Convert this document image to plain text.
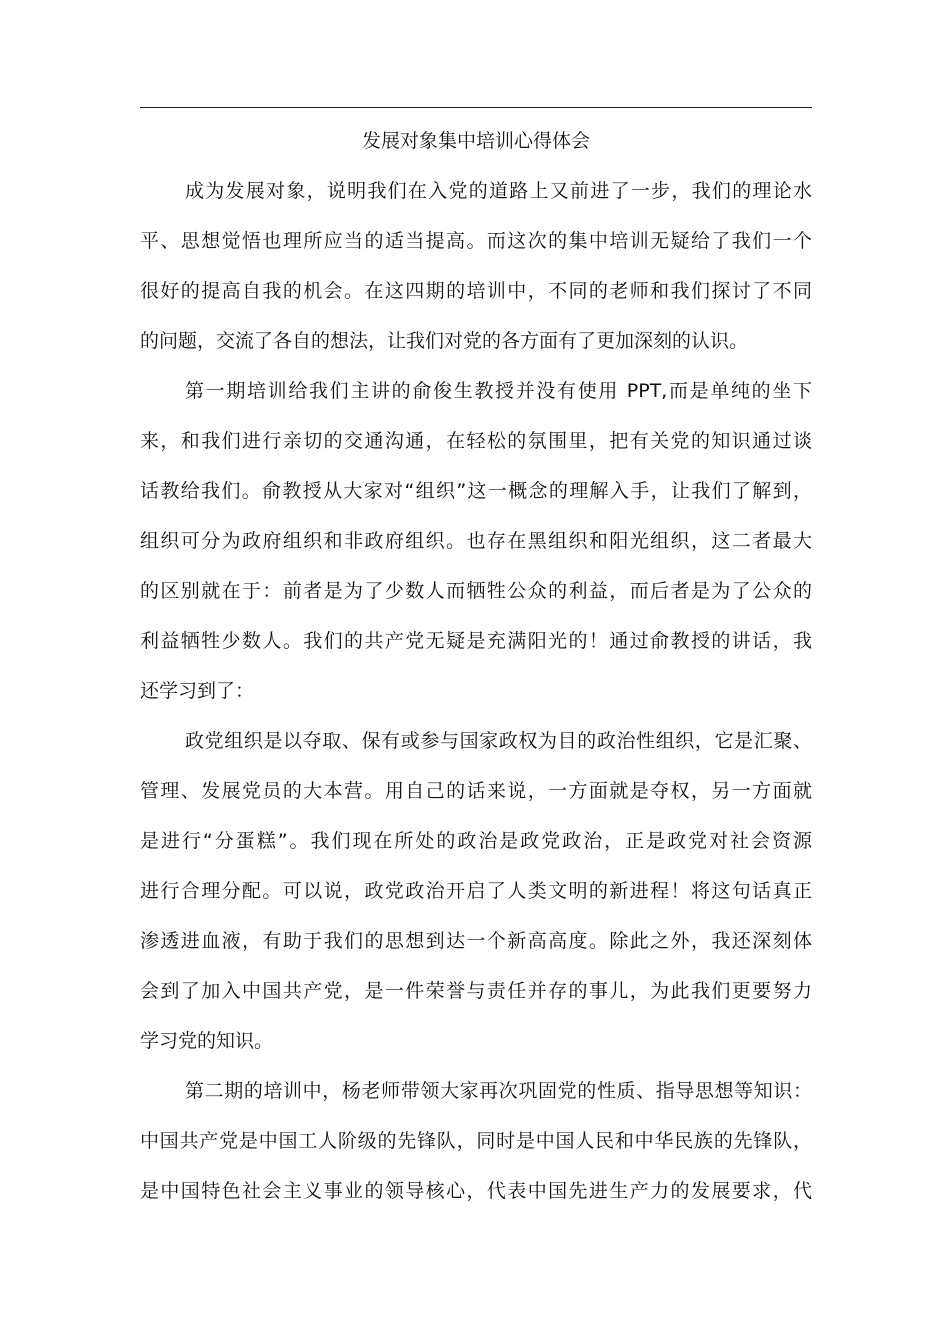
发展对象集中培训心得体会
成为发展对象，说明我们在入党的道路上又前进了一步，我们的理论水
平、思想觉悟也理所应当的适当提高。而这次的集中培训无疑给了我们一个
很好的提高自我的机会。在这四期的培训中，不同的老师和我们探讨了不同
的问题，交流了各自的想法，让我们对党的各方面有了更加深刻的认识。
第一期培训给我们主讲的俞俊生教授并没有使用 PPT,而是单纯的坐下
来，和我们进行亲切的交通沟通，在轻松的氛围里，把有关党的知识通过谈
话教给我们。俞教授从大家对“组织”这一概念的理解入手，让我们了解到，
组织可分为政府组织和非政府组织。也存在黑组织和阳光组织，这二者最大
的区别就在于：前者是为了少数人而牺牲公众的利益，而后者是为了公众的
利益牺牲少数人。我们的共产党无疑是充满阳光的！通过俞教授的讲话，我
还学习到了：
政党组织是以夺取、保有或参与国家政权为目的政治性组织，它是汇聚、
管理、发展党员的大本营。用自己的话来说，一方面就是夺权，另一方面就
是进行“分蛋糕”。我们现在所处的政治是政党政治，正是政党对社会资源
进行合理分配。可以说，政党政治开启了人类文明的新进程！将这句话真正
渗透进血液，有助于我们的思想到达一个新高高度。除此之外，我还深刻体
会到了加入中国共产党，是一件荣誉与责任并存的事儿，为此我们更要努力
学习党的知识。
第二期的培训中，杨老师带领大家再次巩固党的性质、指导思想等知识：
中国共产党是中国工人阶级的先锋队，同时是中国人民和中华民族的先锋队，
是中国特色社会主义事业的领导核心，代表中国先进生产力的发展要求，代
